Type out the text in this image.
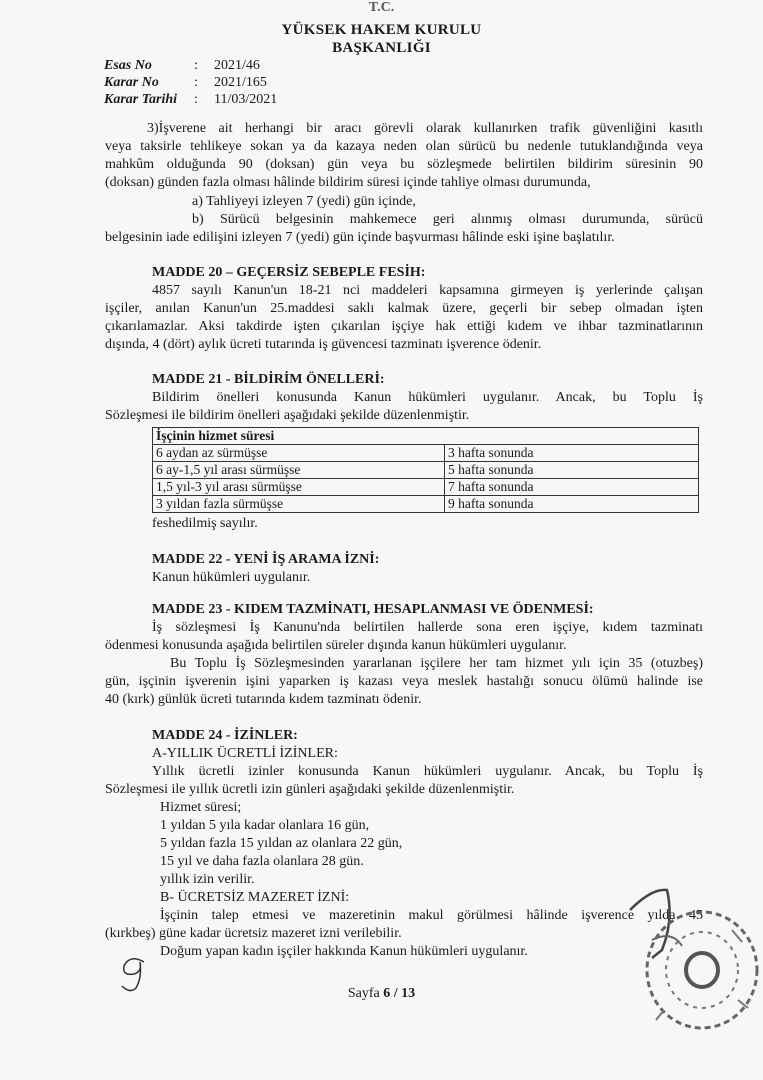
T.C.
YÜKSEK HAKEM KURULU
BAŞKANLIĞI
Esas No	:	2021/46
Karar No	:	2021/165
Karar Tarihi	:	11/03/2021
3)İşverene ait herhangi bir aracı görevli olarak kullanırken trafik güvenliğini kasıtlı
veya taksirle tehlikeye sokan ya da kazaya neden olan sürücü bu nedenle tutuklandığında veya
mahkûm olduğunda 90 (doksan) gün veya bu sözleşmede belirtilen bildirim süresinin 90
(doksan) günden fazla olması hâlinde bildirim süresi içinde tahliye olması durumunda,
a) Tahliyeyi izleyen 7 (yedi) gün içinde,
b) Sürücü belgesinin mahkemece geri alınmış olması durumunda, sürücü
belgesinin iade edilişini izleyen 7 (yedi) gün içinde başvurması hâlinde eski işine başlatılır.
MADDE 20 – GEÇERSİZ SEBEPLE FESİH:
4857 sayılı Kanun'un 18-21 nci maddeleri kapsamına girmeyen iş yerlerinde çalışan
işçiler, anılan Kanun'un 25.maddesi saklı kalmak üzere, geçerli bir sebep olmadan işten
çıkarılamazlar. Aksi takdirde işten çıkarılan işçiye hak ettiği kıdem ve ihbar tazminatlarının
dışında, 4 (dört) aylık ücreti tutarında iş güvencesi tazminatı işverence ödenir.
MADDE 21 - BİLDİRİM ÖNELLERİ:
Bildirim önelleri konusunda Kanun hükümleri uygulanır. Ancak, bu Toplu İş
Sözleşmesi ile bildirim önelleri aşağıdaki şekilde düzenlenmiştir.
İşçinin hizmet süresi	
6 aydan az sürmüşse	3 hafta sonunda
6 ay-1,5 yıl arası sürmüşse	5 hafta sonunda
1,5 yıl-3 yıl arası sürmüşse	7 hafta sonunda
3 yıldan fazla sürmüşse	9 hafta sonunda
feshedilmiş sayılır.
MADDE 22 - YENİ İŞ ARAMA İZNİ:
Kanun hükümleri uygulanır.
MADDE 23 - KIDEM TAZMİNATI, HESAPLANMASI VE ÖDENMESİ:
İş sözleşmesi İş Kanunu'nda belirtilen hallerde sona eren işçiye, kıdem tazminatı
ödenmesi konusunda aşağıda belirtilen süreler dışında kanun hükümleri uygulanır.
Bu Toplu İş Sözleşmesinden yararlanan işçilere her tam hizmet yılı için 35 (otuzbeş)
gün, işçinin işverenin işini yaparken iş kazası veya meslek hastalığı sonucu ölümü halinde ise
40 (kırk) günlük ücreti tutarında kıdem tazminatı ödenir.
MADDE 24 - İZİNLER:
A-YILLIK ÜCRETLİ İZİNLER:
Yıllık ücretli izinler konusunda Kanun hükümleri uygulanır. Ancak, bu Toplu İş
Sözleşmesi ile yıllık ücretli izin günleri aşağıdaki şekilde düzenlenmiştir.
Hizmet süresi;
1 yıldan 5 yıla kadar olanlara 16 gün,
5 yıldan fazla 15 yıldan az olanlara 22 gün,
15 yıl ve daha fazla olanlara 28 gün.
yıllık izin verilir.
B- ÜCRETSİZ MAZERET İZNİ:
İşçinin talep etmesi ve mazeretinin makul görülmesi hâlinde işverence yılda 45
(kırkbeş) güne kadar ücretsiz mazeret izni verilebilir.
Doğum yapan kadın işçiler hakkında Kanun hükümleri uygulanır.
Sayfa 6 / 13
